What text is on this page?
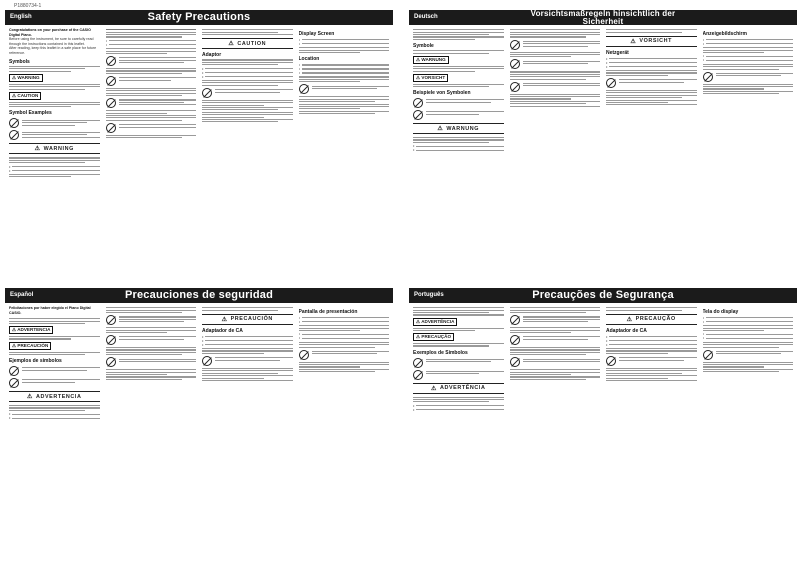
P1880734-1
English	Safety Precautions
Congratulations on your purchase of the CASIO Digital Piano.
Before using the instrument, be sure to carefully read through the instructions contained in this leaflet.
After reading, keep this leaflet in a safe place for future reference.
Symbols
⚠ WARNING
⚠ CAUTION
Symbol Examples
⚠ WARNING
•
•
•
•	⚠ CAUTION
Adaptor
•
•
•
Display Screen
•
•
Location
•
•
•
Deutsch	Vorsichtsmaßregeln hinsichtlich der
Sicherheit
Symbole
⚠ WARNUNG
⚠ VORSICHT
Beispiele von Symbolen
⚠ WARNUNG
•
•
⚠ VORSICHT
Netzgerät
•
•
•
Anzeigebildschirm
•
•
•
•
Español	Precauciones de seguridad
Felicitaciones por haber elegido el Piano Digital CASIO.
⚠ ADVERTENCIA
⚠ PRECAUCIÓN
Ejemplos de símbolos
⚠ ADVERTENCIA
•
•
⚠ PRECAUCIÓN
Adaptador de CA
•
•
•
Pantalla de presentación
•
•
•
•
Português	Precauções de Segurança
⚠ ADVERTÊNCIA
⚠ PRECAUÇÃO
Exemplos de Símbolos
⚠ ADVERTÊNCIA
•
•
⚠ PRECAUÇÃO
Adaptador de CA
•
•
•
Tela do display
•
•
•
•
